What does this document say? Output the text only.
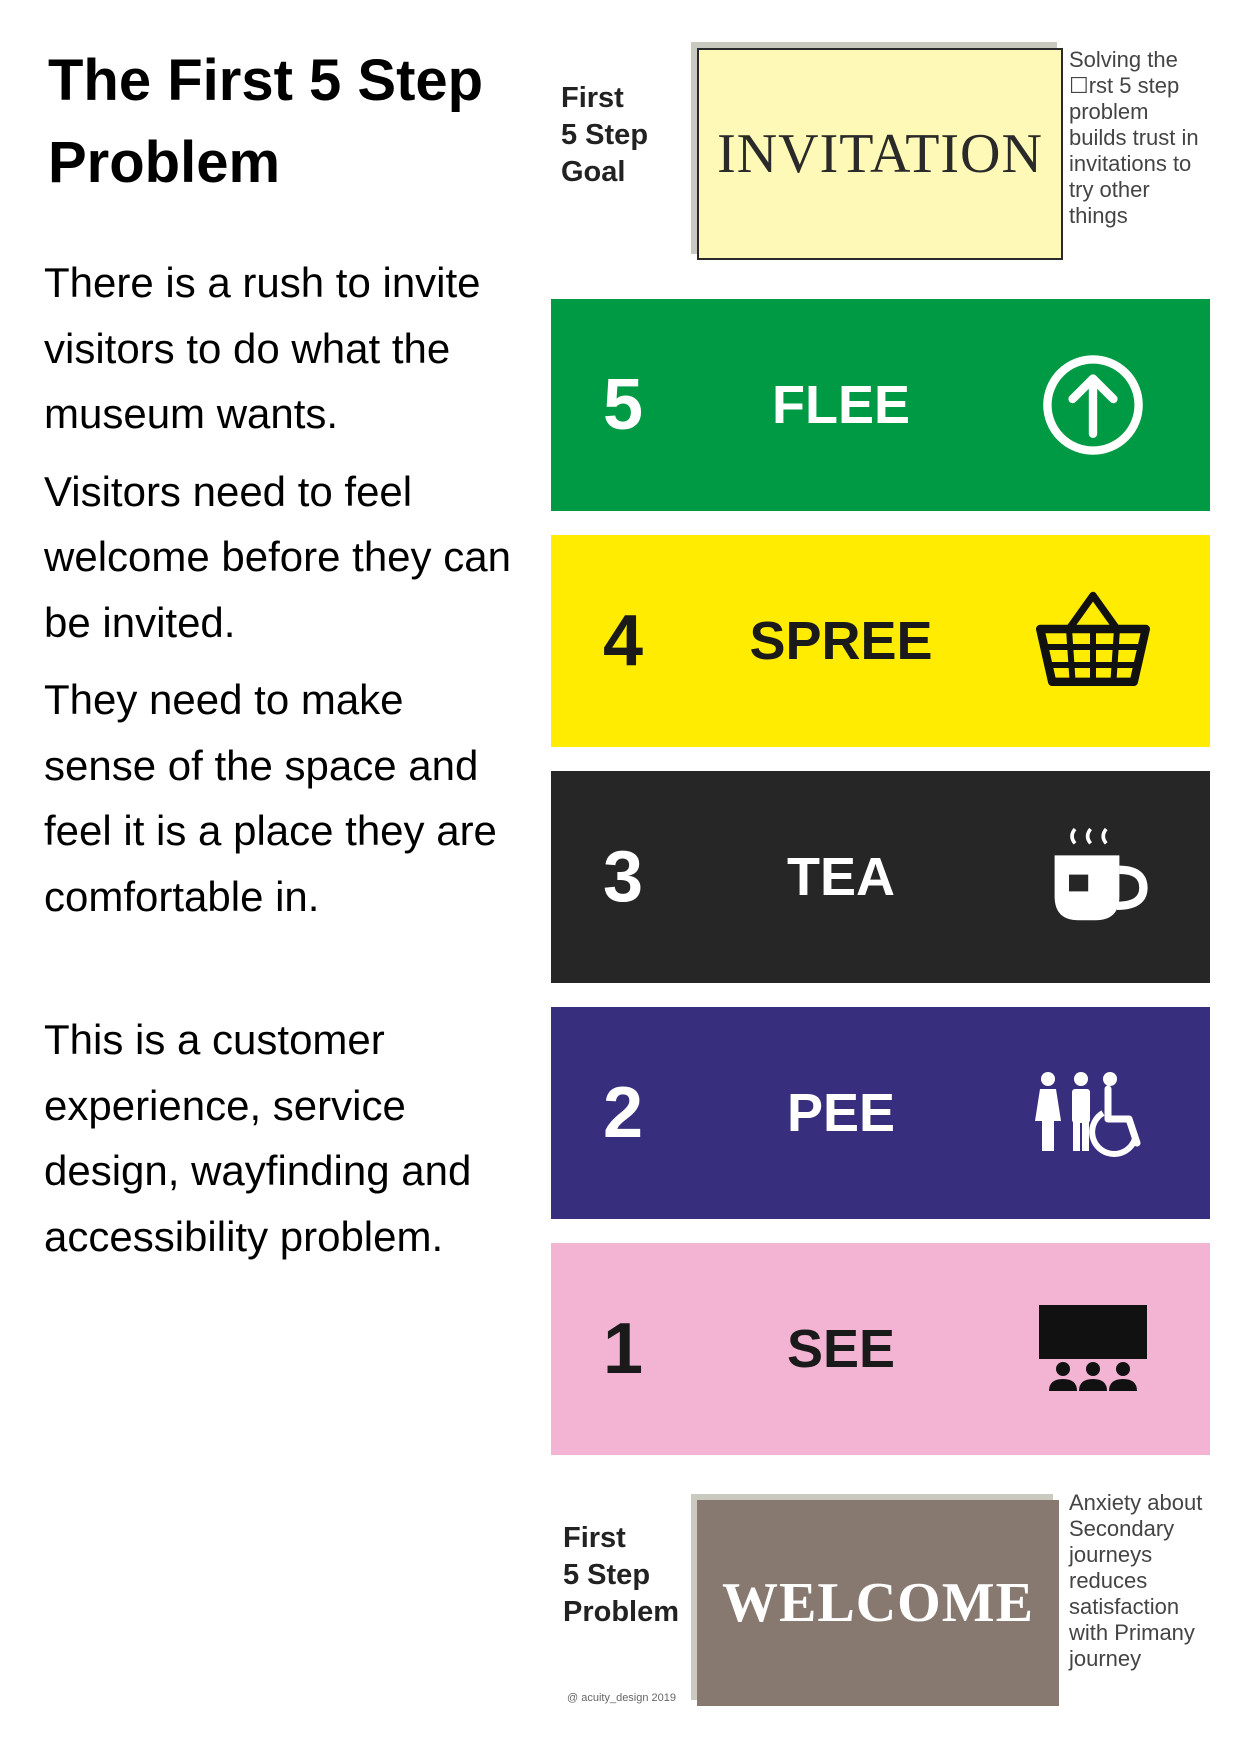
The First 5 Step Problem

There is a rush to invite visitors to do what the museum wants.

Visitors need to feel welcome before they can be invited.

They need to make sense of the space and feel it is a place they are comfortable in.

This is a customer experience, service design, wayfinding and accessibility problem.

First
5 Step
Goal	INVITATION
Solving the ☐rst 5 step problem builds trust in invitations to try other things
5	FLEE
4	SPREE
3	TEA
2	PEE
1	SEE
First
5 Step
Problem WELCOME
Anxiety about Secondary journeys reduces satisfaction with Primany journey
@ acuity_design 2019
